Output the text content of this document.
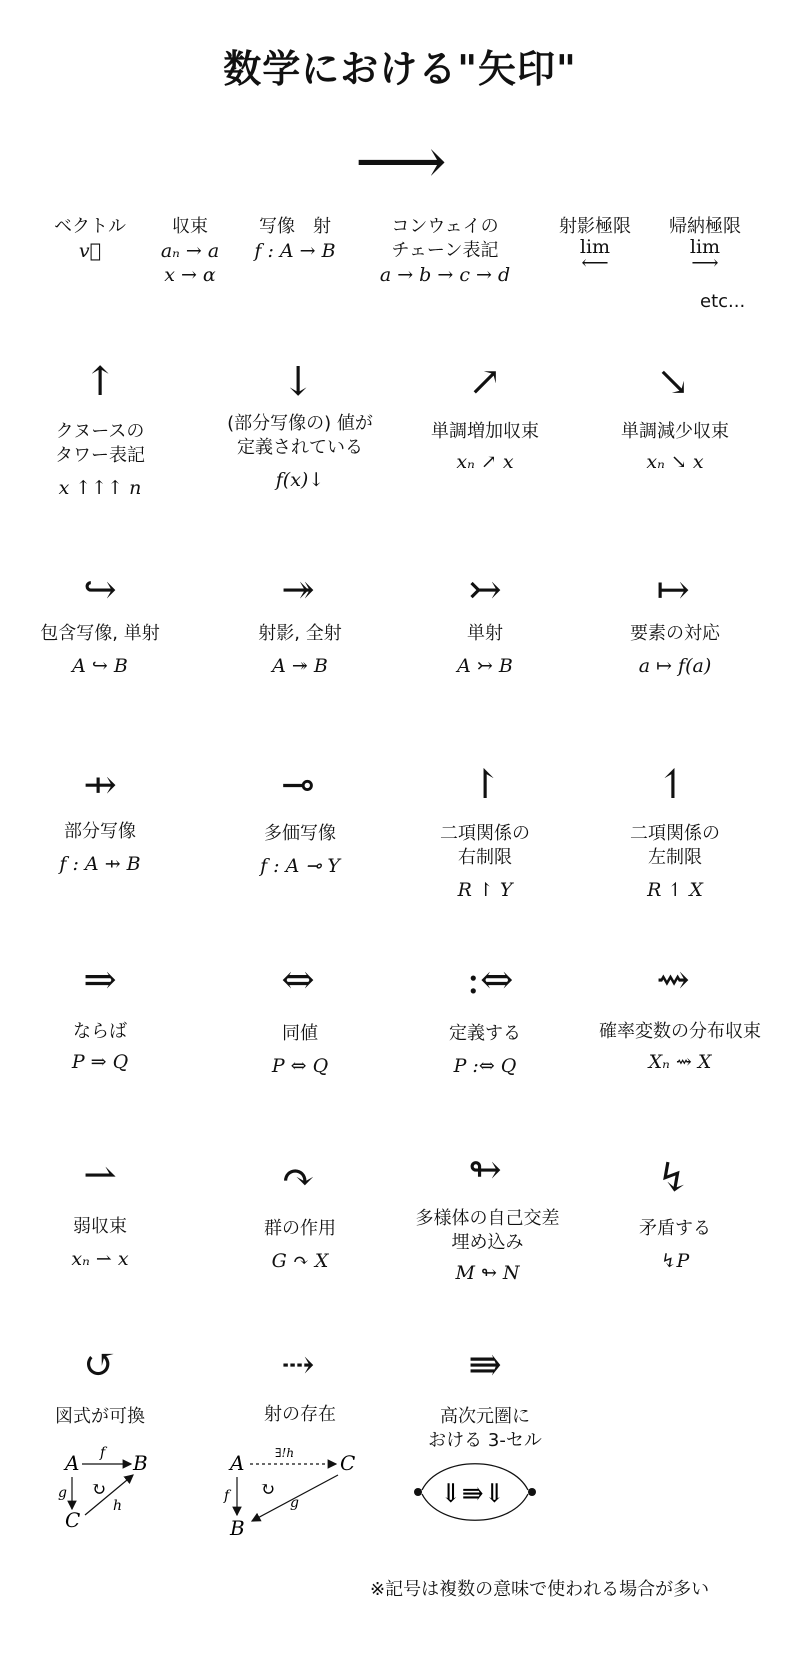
数学における"矢印"
⟶
ベクトル
v⃗
収束
aₙ → a
x → α
写像　射
f : A → B
コンウェイの
チェーン表記
a → b → c → d
射影極限
lim
⟵
帰納極限
lim
⟶
etc...
↑
クヌースの
タワー表記
x ↑↑↑ n
↓
(部分写像の) 値が
定義されている
f(x)↓
↗
単調増加収束
xₙ ↗ x
↘
単調減少収束
xₙ ↘ x
↪
包含写像, 単射
A ↪ B
↠
射影, 全射
A ↠ B
↣
単射
A ↣ B
↦
要素の対応
a ↦ f(a)
⇸
部分写像
f : A ⇸ B
⊸
多価写像
f : A ⊸ Y
↾
二項関係の
右制限
R ↾ Y
↿
二項関係の
左制限
R ↿ X
⇒
ならば
P ⇒ Q
⇔
同値
P ⇔ Q
:⇔
定義する
P :⇔ Q
⇝
確率変数の分布収束
Xₙ ⇝ X
⇀
弱収束
xₙ ⇀ x
↷
群の作用
G ↷ X
↬
多様体の自己交差
埋め込み
M ↬ N
↯
矛盾する
↯P
↺
図式が可換
⇢
射の存在
⇛
高次元圏に
おける 3-セル
A	B
C
f
g
h
↻
A	C
B
∃!h
f	g
↻	⇓⇛⇓
※記号は複数の意味で使われる場合が多い
